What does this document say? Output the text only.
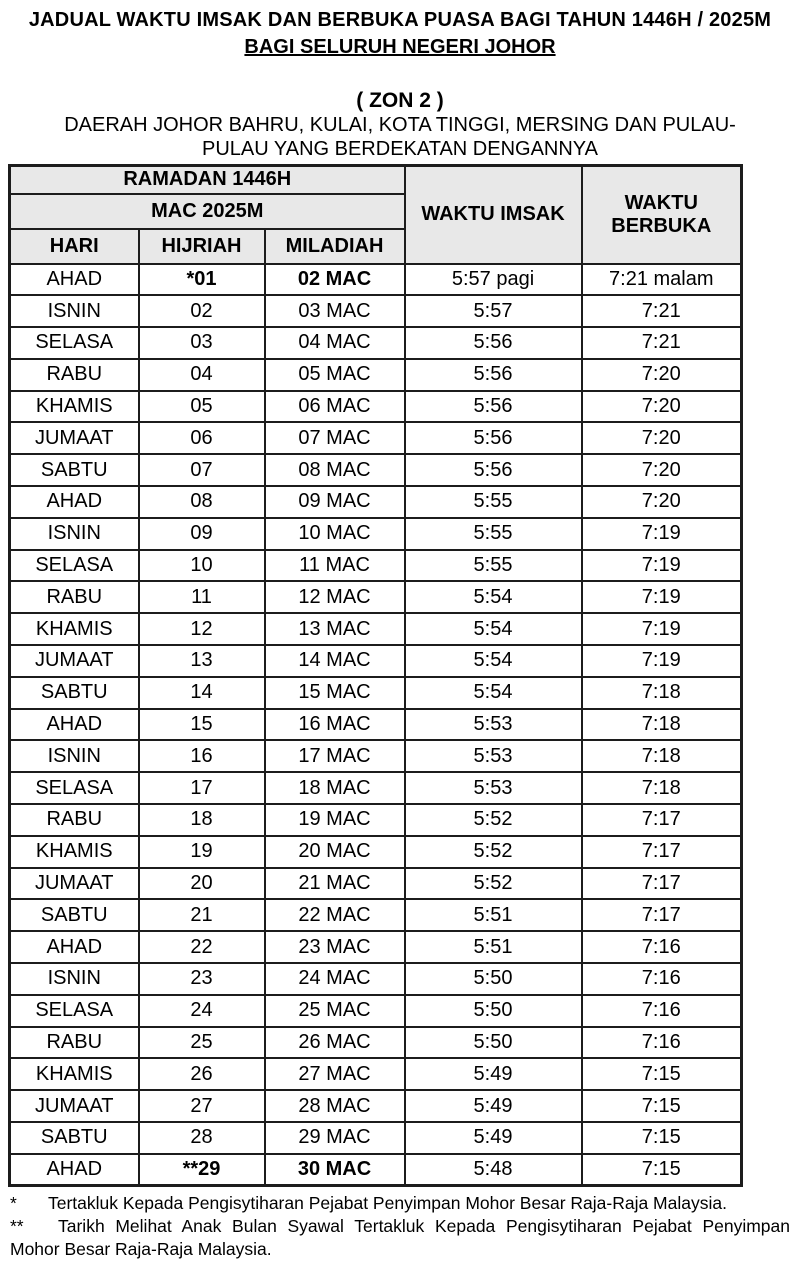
JADUAL WAKTU IMSAK DAN BERBUKA PUASA BAGI TAHUN 1446H / 2025M
BAGI SELURUH NEGERI JOHOR
( ZON 2 )
DAERAH JOHOR BAHRU, KULAI, KOTA TINGGI, MERSING DAN PULAU-
PULAU YANG BERDEKATAN DENGANNYA
RAMADAN 1446H			WAKTU IMSAK	WAKTU BERBUKA
MAC 2025M				
HARI	HIJRIAH	MILADIAH		
AHAD	*01	02 MAC	5:57 pagi	7:21 malam
ISNIN	02	03 MAC	5:57	7:21
SELASA	03	04 MAC	5:56	7:21
RABU	04	05 MAC	5:56	7:20
KHAMIS	05	06 MAC	5:56	7:20
JUMAAT	06	07 MAC	5:56	7:20
SABTU	07	08 MAC	5:56	7:20
AHAD	08	09 MAC	5:55	7:20
ISNIN	09	10 MAC	5:55	7:19
SELASA	10	11 MAC	5:55	7:19
RABU	11	12 MAC	5:54	7:19
KHAMIS	12	13 MAC	5:54	7:19
JUMAAT	13	14 MAC	5:54	7:19
SABTU	14	15 MAC	5:54	7:18
AHAD	15	16 MAC	5:53	7:18
ISNIN	16	17 MAC	5:53	7:18
SELASA	17	18 MAC	5:53	7:18
RABU	18	19 MAC	5:52	7:17
KHAMIS	19	20 MAC	5:52	7:17
JUMAAT	20	21 MAC	5:52	7:17
SABTU	21	22 MAC	5:51	7:17
AHAD	22	23 MAC	5:51	7:16
ISNIN	23	24 MAC	5:50	7:16
SELASA	24	25 MAC	5:50	7:16
RABU	25	26 MAC	5:50	7:16
KHAMIS	26	27 MAC	5:49	7:15
JUMAAT	27	28 MAC	5:49	7:15
SABTU	28	29 MAC	5:49	7:15
AHAD	**29	30 MAC	5:48	7:15
* Tertakluk Kepada Pengisytiharan Pejabat Penyimpan Mohor Besar Raja-Raja Malaysia.
** Tarikh Melihat Anak Bulan Syawal Tertakluk Kepada Pengisytiharan Pejabat Penyimpan Mohor Besar Raja-Raja Malaysia.
